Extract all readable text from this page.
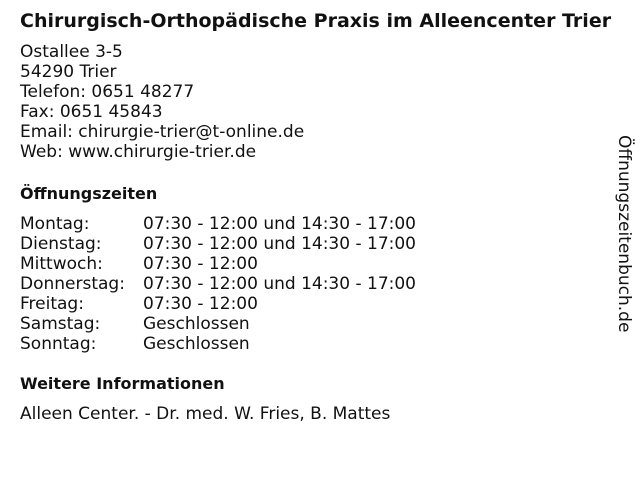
Chirurgisch-Orthopädische Praxis im Alleencenter Trier
Ostallee 3-5
54290 Trier
Telefon: 0651 48277
Fax: 0651 45843
Email: chirurgie-trier@t-online.de
Web: www.chirurgie-trier.de
Öffnungszeiten
Montag:	07:30 - 12:00 und 14:30 - 17:00
Dienstag:	07:30 - 12:00 und 14:30 - 17:00
Mittwoch:	07:30 - 12:00
Donnerstag:	07:30 - 12:00 und 14:30 - 17:00
Freitag:	07:30 - 12:00
Samstag:	Geschlossen
Sonntag:	Geschlossen
Weitere Informationen
Alleen Center. - Dr. med. W. Fries, B. Mattes
Öffnungszeitenbuch.de
